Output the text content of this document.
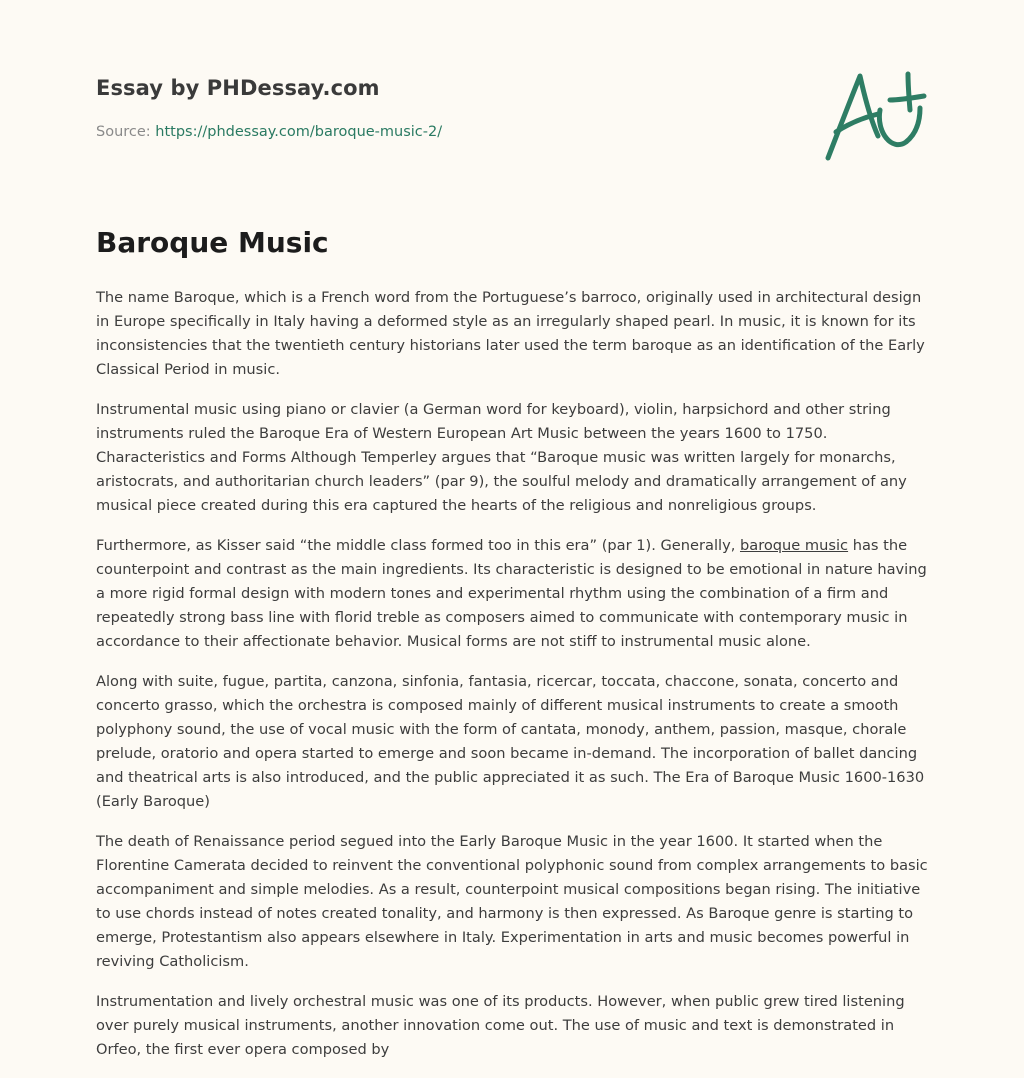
Essay by PHDessay.com

Source: https://phdessay.com/baroque-music-2/

Baroque Music

The name Baroque, which is a French word from the Portuguese’s barroco, originally used in architectural design in Europe specifically in Italy having a deformed style as an irregularly shaped pearl. In music, it is known for its inconsistencies that the twentieth century historians later used the term baroque as an identification of the Early Classical Period in music.

Instrumental music using piano or clavier (a German word for keyboard), violin, harpsichord and other string instruments ruled the Baroque Era of Western European Art Music between the years 1600 to 1750. Characteristics and Forms Although Temperley argues that “Baroque music was written largely for monarchs, aristocrats, and authoritarian church leaders” (par 9), the soulful melody and dramatically arrangement of any musical piece created during this era captured the hearts of the religious and nonreligious groups.

Furthermore, as Kisser said “the middle class formed too in this era” (par 1). Generally, baroque music has the counterpoint and contrast as the main ingredients. Its characteristic is designed to be emotional in nature having a more rigid formal design with modern tones and experimental rhythm using the combination of a firm and repeatedly strong bass line with florid treble as composers aimed to communicate with contemporary music in accordance to their affectionate behavior. Musical forms are not stiff to instrumental music alone.

Along with suite, fugue, partita, canzona, sinfonia, fantasia, ricercar, toccata, chaccone, sonata, concerto and concerto grasso, which the orchestra is composed mainly of different musical instruments to create a smooth polyphony sound, the use of vocal music with the form of cantata, monody, anthem, passion, masque, chorale prelude, oratorio and opera started to emerge and soon became in-demand. The incorporation of ballet dancing and theatrical arts is also introduced, and the public appreciated it as such. The Era of Baroque Music 1600-1630 (Early Baroque)

The death of Renaissance period segued into the Early Baroque Music in the year 1600. It started when the Florentine Camerata decided to reinvent the conventional polyphonic sound from complex arrangements to basic accompaniment and simple melodies. As a result, counterpoint musical compositions began rising. The initiative to use chords instead of notes created tonality, and harmony is then expressed. As Baroque genre is starting to emerge, Protestantism also appears elsewhere in Italy. Experimentation in arts and music becomes powerful in reviving Catholicism.

Instrumentation and lively orchestral music was one of its products. However, when public grew tired listening over purely musical instruments, another innovation come out. The use of music and text is demonstrated in Orfeo, the first ever opera composed by
